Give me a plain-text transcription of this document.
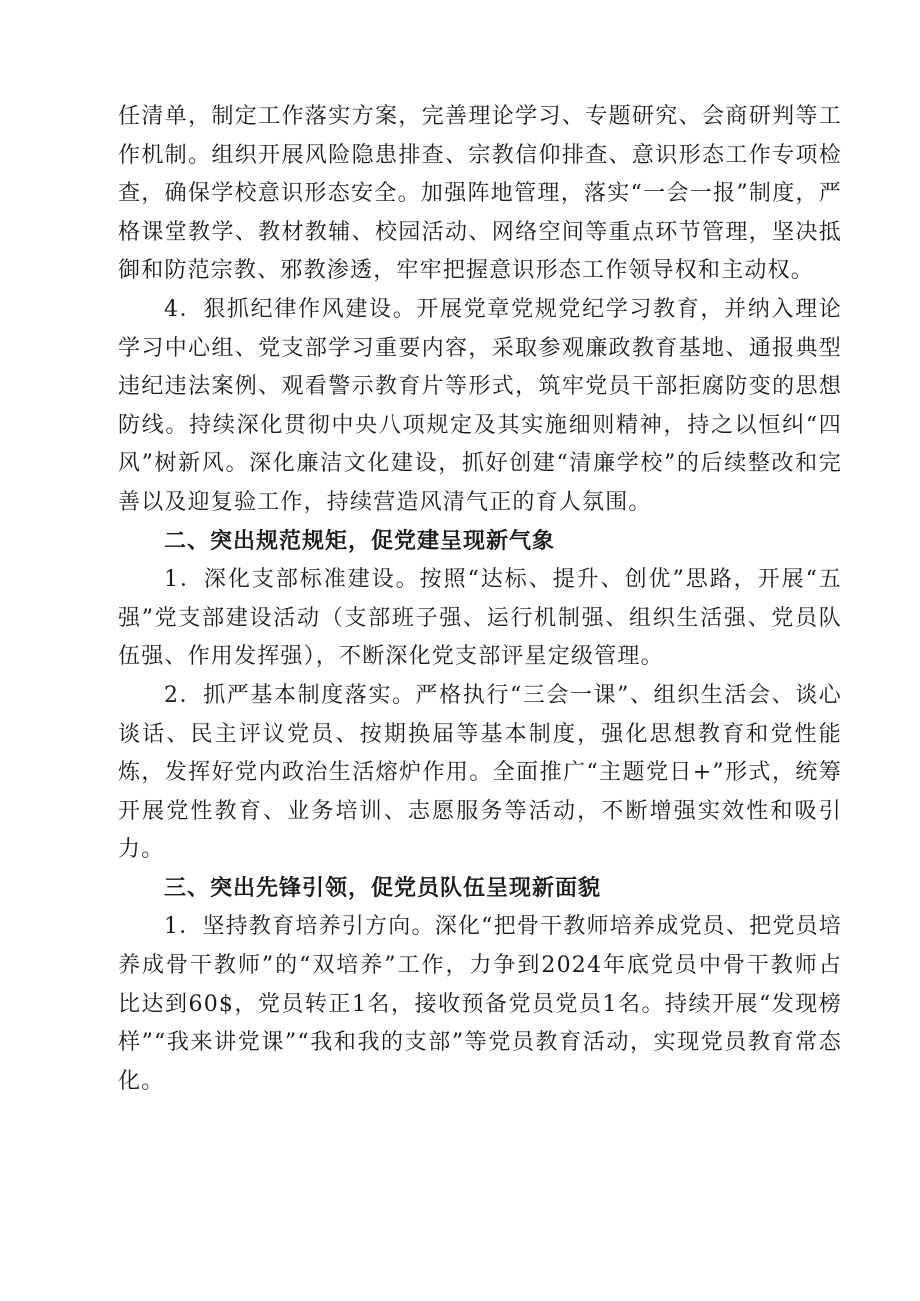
任清单，制定工作落实方案，完善理论学习、专题研究、会商研判等工作机制。组织开展风险隐患排查、宗教信仰排查、意识形态工作专项检查，确保学校意识形态安全。加强阵地管理，落实“一会一报”制度，严格课堂教学、教材教辅、校园活动、网络空间等重点环节管理，坚决抵御和防范宗教、邪教渗透，牢牢把握意识形态工作领导权和主动权。

4．狠抓纪律作风建设。开展党章党规党纪学习教育，并纳入理论学习中心组、党支部学习重要内容，采取参观廉政教育基地、通报典型违纪违法案例、观看警示教育片等形式，筑牢党员干部拒腐防变的思想防线。持续深化贯彻中央八项规定及其实施细则精神，持之以恒纠“四风”树新风。深化廉洁文化建设，抓好创建“清廉学校”的后续整改和完善以及迎复验工作，持续营造风清气正的育人氛围。

二、突出规范规矩，促党建呈现新气象

1．深化支部标准建设。按照“达标、提升、创优”思路，开展“五强”党支部建设活动（支部班子强、运行机制强、组织生活强、党员队伍强、作用发挥强），不断深化党支部评星定级管理。

2．抓严基本制度落实。严格执行“三会一课”、组织生活会、谈心谈话、民主评议党员、按期换届等基本制度，强化思想教育和党性能炼，发挥好党内政治生活熔炉作用。全面推广“主题党日+”形式，统筹开展党性教育、业务培训、志愿服务等活动，不断增强实效性和吸引力。

三、突出先锋引领，促党员队伍呈现新面貌

1．坚持教育培养引方向。深化“把骨干教师培养成党员、把党员培养成骨干教师”的“双培养”工作，力争到2024年底党员中骨干教师占比达到60$，党员转正1名，接收预备党员党员1名。持续开展“发现榜样”“我来讲党课”“我和我的支部”等党员教育活动，实现党员教育常态化。
